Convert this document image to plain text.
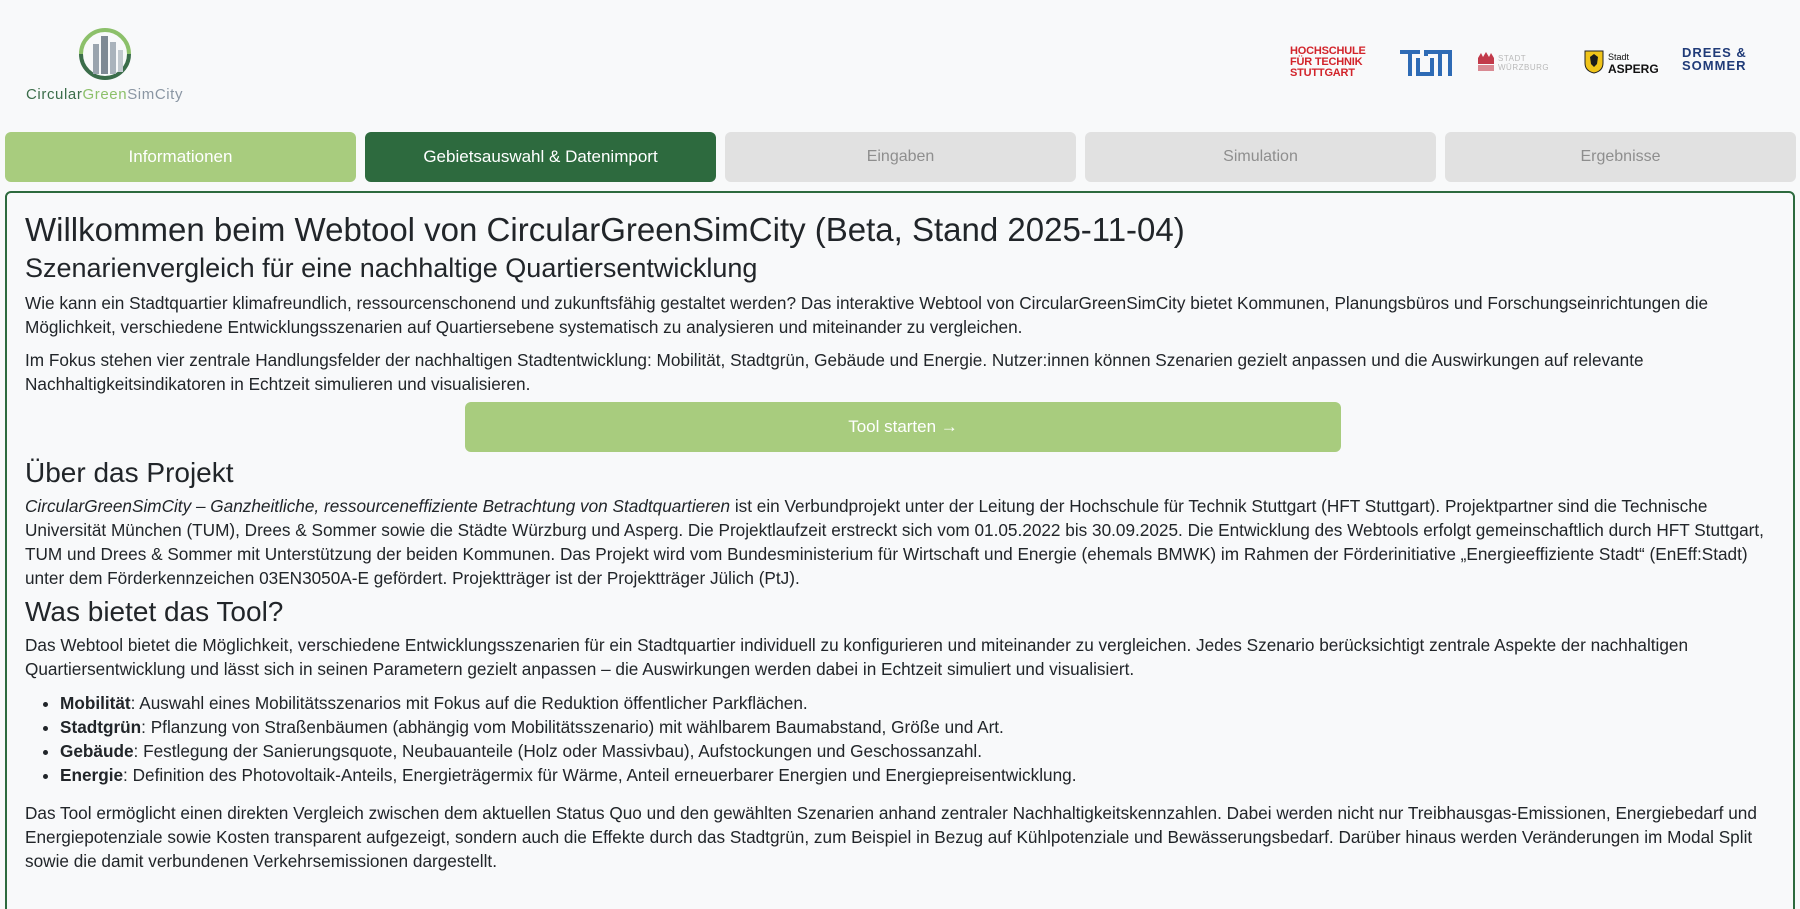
CircularGreenSimCity
HOCHSCHULE
FÜR TECHNIK
STUTTGART
STADT
WÜRZBURG
Stadt
ASPERG
DREES &
SOMMER
Informationen	Gebietsauswahl & Datenimport	Eingaben	Simulation	Ergebnisse
Willkommen beim Webtool von CircularGreenSimCity (Beta, Stand 2025-11-04)
Szenarienvergleich für eine nachhaltige Quartiersentwicklung

Wie kann ein Stadtquartier klimafreundlich, ressourcenschonend und zukunftsfähig gestaltet werden? Das interaktive Webtool von CircularGreenSimCity bietet Kommunen, Planungsbüros und Forschungseinrichtungen die Möglichkeit, verschiedene Entwicklungsszenarien auf Quartiersebene systematisch zu analysieren und miteinander zu vergleichen.

Im Fokus stehen vier zentrale Handlungsfelder der nachhaltigen Stadtentwicklung: Mobilität, Stadtgrün, Gebäude und Energie. Nutzer:innen können Szenarien gezielt anpassen und die Auswirkungen auf relevante Nachhaltigkeitsindikatoren in Echtzeit simulieren und visualisieren.

Tool starten →
Über das Projekt

CircularGreenSimCity – Ganzheitliche, ressourceneffiziente Betrachtung von Stadtquartieren ist ein Verbundprojekt unter der Leitung der Hochschule für Technik Stuttgart (HFT Stuttgart). Projektpartner sind die Technische Universität München (TUM), Drees & Sommer sowie die Städte Würzburg und Asperg. Die Projektlaufzeit erstreckt sich vom 01.05.2022 bis 30.09.2025. Die Entwicklung des Webtools erfolgt gemeinschaftlich durch HFT Stuttgart, TUM und Drees & Sommer mit Unterstützung der beiden Kommunen. Das Projekt wird vom Bundesministerium für Wirtschaft und Energie (ehemals BMWK) im Rahmen der Förderinitiative „Energieeffiziente Stadt“ (EnEff:Stadt) unter dem Förderkennzeichen 03EN3050A-E gefördert. Projektträger ist der Projektträger Jülich (PtJ).

Was bietet das Tool?

Das Webtool bietet die Möglichkeit, verschiedene Entwicklungsszenarien für ein Stadtquartier individuell zu konfigurieren und miteinander zu vergleichen. Jedes Szenario berücksichtigt zentrale Aspekte der nachhaltigen Quartiersentwicklung und lässt sich in seinen Parametern gezielt anpassen – die Auswirkungen werden dabei in Echtzeit simuliert und visualisiert.

• Mobilität: Auswahl eines Mobilitätsszenarios mit Fokus auf die Reduktion öffentlicher Parkflächen.
• Stadtgrün: Pflanzung von Straßenbäumen (abhängig vom Mobilitätsszenario) mit wählbarem Baumabstand, Größe und Art.
• Gebäude: Festlegung der Sanierungsquote, Neubauanteile (Holz oder Massivbau), Aufstockungen und Geschossanzahl.
• Energie: Definition des Photovoltaik-Anteils, Energieträgermix für Wärme, Anteil erneuerbarer Energien und Energiepreisentwicklung.

Das Tool ermöglicht einen direkten Vergleich zwischen dem aktuellen Status Quo und den gewählten Szenarien anhand zentraler Nachhaltigkeitskennzahlen. Dabei werden nicht nur Treibhausgas-Emissionen, Energiebedarf und Energiepotenziale sowie Kosten transparent aufgezeigt, sondern auch die Effekte durch das Stadtgrün, zum Beispiel in Bezug auf Kühlpotenziale und Bewässerungsbedarf. Darüber hinaus werden Veränderungen im Modal Split sowie die damit verbundenen Verkehrsemissionen dargestellt.
